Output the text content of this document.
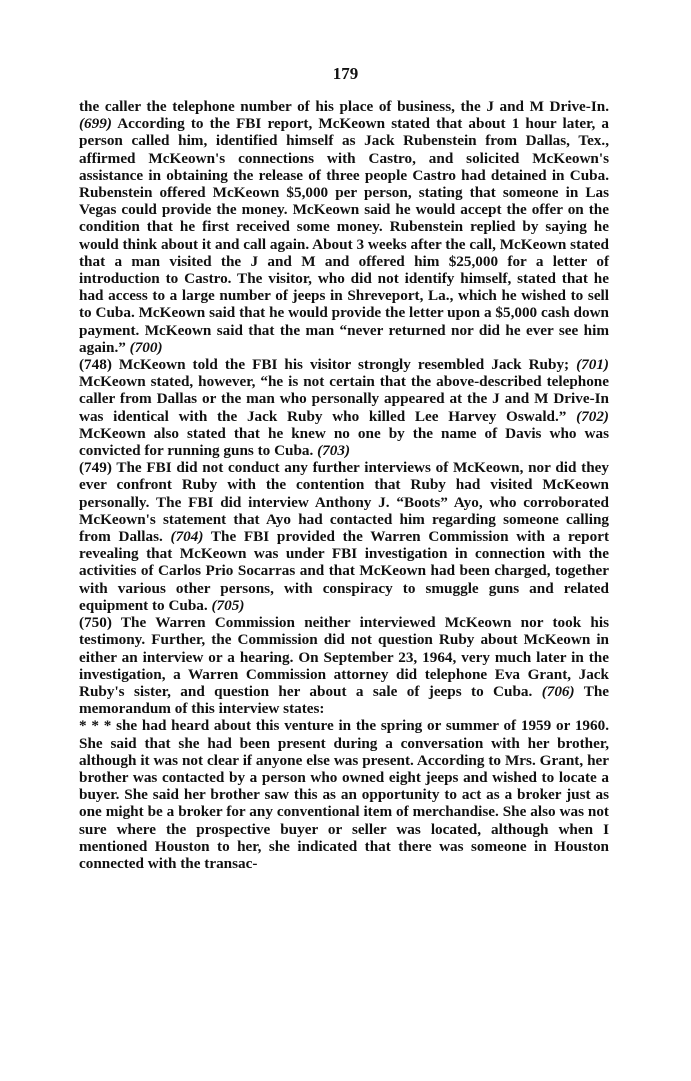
179

the caller the telephone number of his place of business, the J and M Drive-In. (699) According to the FBI report, McKeown stated that about 1 hour later, a person called him, identified himself as Jack Rubenstein from Dallas, Tex., affirmed McKeown's connections with Castro, and solicited McKeown's assistance in obtaining the release of three people Castro had detained in Cuba. Rubenstein offered McKeown $5,000 per person, stating that someone in Las Vegas could provide the money. McKeown said he would accept the offer on the condition that he first received some money. Rubenstein replied by saying he would think about it and call again. About 3 weeks after the call, McKeown stated that a man visited the J and M and offered him $25,000 for a letter of introduction to Castro. The visitor, who did not identify himself, stated that he had access to a large number of jeeps in Shreveport, La., which he wished to sell to Cuba. McKeown said that he would provide the letter upon a $5,000 cash down payment. McKeown said that the man “never returned nor did he ever see him again.” (700)

(748) McKeown told the FBI his visitor strongly resembled Jack Ruby; (701) McKeown stated, however, “he is not certain that the above-described telephone caller from Dallas or the man who personally appeared at the J and M Drive-In was identical with the Jack Ruby who killed Lee Harvey Oswald.” (702) McKeown also stated that he knew no one by the name of Davis who was convicted for running guns to Cuba. (703)

(749) The FBI did not conduct any further interviews of McKeown, nor did they ever confront Ruby with the contention that Ruby had visited McKeown personally. The FBI did interview Anthony J. “Boots” Ayo, who corroborated McKeown's statement that Ayo had contacted him regarding someone calling from Dallas. (704) The FBI provided the Warren Commission with a report revealing that McKeown was under FBI investigation in connection with the activities of Carlos Prio Socarras and that McKeown had been charged, together with various other persons, with conspiracy to smuggle guns and related equipment to Cuba. (705)

(750) The Warren Commission neither interviewed McKeown nor took his testimony. Further, the Commission did not question Ruby about McKeown in either an interview or a hearing. On September 23, 1964, very much later in the investigation, a Warren Commission attorney did telephone Eva Grant, Jack Ruby's sister, and question her about a sale of jeeps to Cuba. (706) The memorandum of this interview states:

* * * she had heard about this venture in the spring or summer of 1959 or 1960. She said that she had been present during a conversation with her brother, although it was not clear if anyone else was present. According to Mrs. Grant, her brother was contacted by a person who owned eight jeeps and wished to locate a buyer. She said her brother saw this as an opportunity to act as a broker just as one might be a broker for any conventional item of merchandise. She also was not sure where the prospective buyer or seller was located, although when I mentioned Houston to her, she indicated that there was someone in Houston connected with the transac-
